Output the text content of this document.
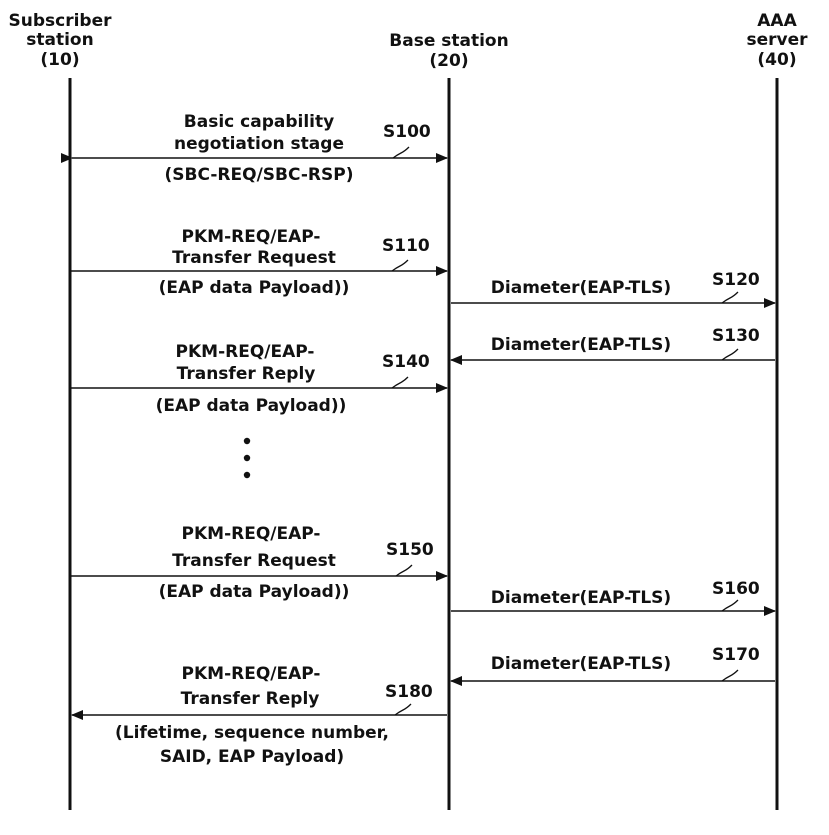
Subscriber
station
(10)
Base station
(20)
AAA
server
(40)
Basic capability
negotiation stage
S100
(SBC-REQ/SBC-RSP)
PKM-REQ/EAP-
Transfer Request
S110
(EAP data Payload))	Diameter(EAP-TLS) S120
Diameter(EAP-TLS) S130
PKM-REQ/EAP-
Transfer Reply
S140
(EAP data Payload))
PKM-REQ/EAP-
Transfer Request
S150
(EAP data Payload))	Diameter(EAP-TLS) S160
Diameter(EAP-TLS) S170
PKM-REQ/EAP-
Transfer Reply	S180
(Lifetime, sequence number,
SAID, EAP Payload)
